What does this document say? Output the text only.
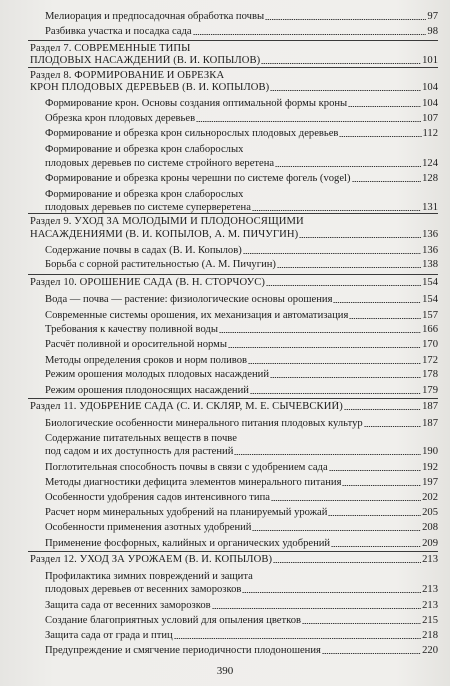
Мелиорация и предпосадочная обработка почвы	97
Разбивка участка и посадка сада	98
Раздел 7. СОВРЕМЕННЫЕ ТИПЫ
ПЛОДОВЫХ НАСАЖДЕНИЙ (В. И. КОПЫЛОВ)	101
Раздел 8. ФОРМИРОВАНИЕ И ОБРЕЗКА
КРОН ПЛОДОВЫХ ДЕРЕВЬЕВ (В. И. КОПЫЛОВ)	104
Формирование крон. Основы создания оптимальной формы кроны	104
Обрезка крон плодовых деревьев	107
Формирование и обрезка крон сильнорослых плодовых деревьев	112
Формирование и обрезка крон слаборослых
плодовых деревьев по системе стройного веретена	124
Формирование и обрезка кроны черешни по системе фогель (vogel)	128
Формирование и обрезка крон слаборослых
плодовых деревьев по системе суперверетена	131
Раздел 9. УХОД ЗА МОЛОДЫМИ И ПЛОДОНОСЯЩИМИ
НАСАЖДЕНИЯМИ (В. И. КОПЫЛОВ, А. М. ПИЧУГИН)	136
Содержание почвы в садах (В. И. Копылов)	136
Борьба с сорной растительностью (А. М. Пичугин)	138
Раздел 10. ОРОШЕНИЕ САДА (В. Н. СТОРЧОУС)	154
Вода — почва — растение: физиологические основы орошения	154
Современные системы орошения, их механизация и автоматизация	157
Требования к качеству поливной воды	166
Расчёт поливной и оросительной нормы	170
Методы определения сроков и норм поливов	172
Режим орошения молодых плодовых насаждений	178
Режим орошения плодоносящих насаждений	179
Раздел 11. УДОБРЕНИЕ САДА (С. И. СКЛЯР, М. Е. СЫЧЕВСКИЙ)	187
Биологические особенности минерального питания плодовых культур	187
Содержание питательных веществ в почве
под садом и их доступность для растений	190
Поглотительная способность почвы в связи с удобрением сада	192
Методы диагностики дефицита элементов минерального питания	197
Особенности удобрения садов интенсивного типа	202
Расчет норм минеральных удобрений на планируемый урожай	205
Особенности применения азотных удобрений	208
Применение фосфорных, калийных и органических удобрений	209
Раздел 12. УХОД ЗА УРОЖАЕМ (В. И. КОПЫЛОВ)	213
Профилактика зимних повреждений и защита
плодовых деревьев от весенних заморозков	213
Защита сада от весенних заморозков	213
Создание благоприятных условий для опыления цветков	215
Защита сада от града и птиц	218
Предупреждение и смягчение периодичности плодоношения	220
390
